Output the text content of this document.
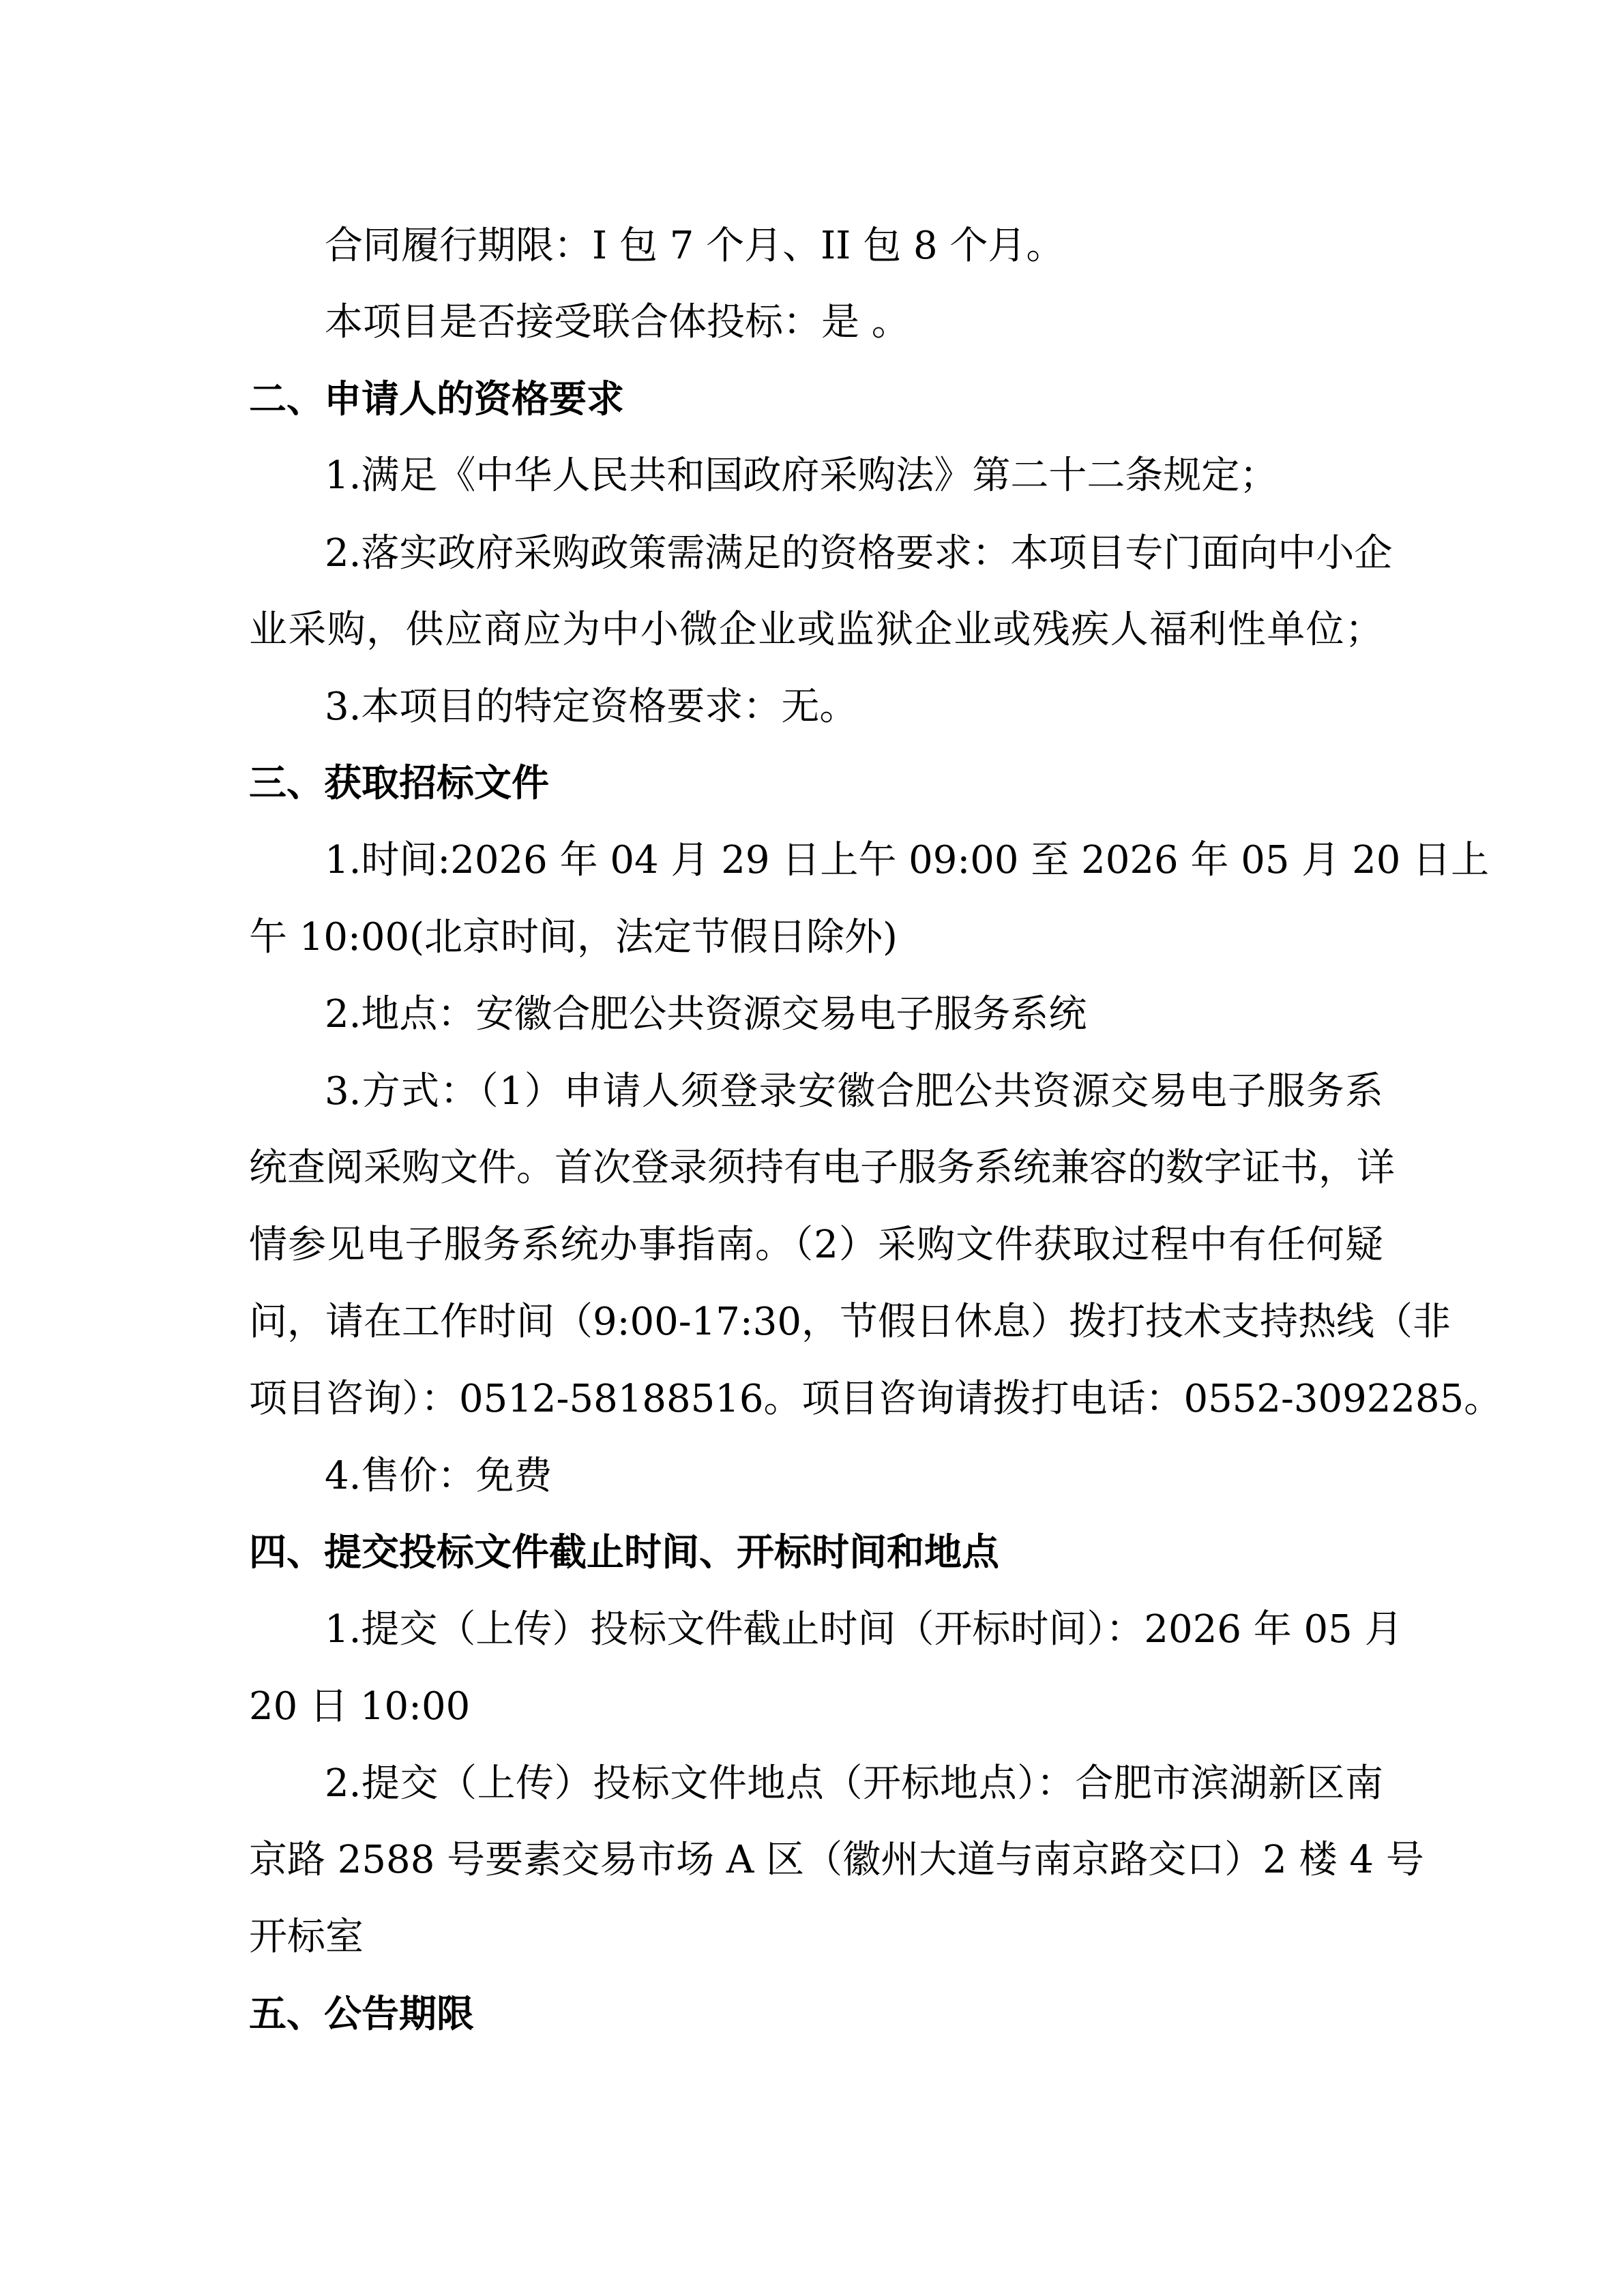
合同履行期限：I 包 7 个月、II 包 8 个月。
本项目是否接受联合体投标：是 。
二、申请人的资格要求
1.满足《中华人民共和国政府采购法》第二十二条规定；
2.落实政府采购政策需满足的资格要求：本项目专门面向中小企
业采购，供应商应为中小微企业或监狱企业或残疾人福利性单位；
3.本项目的特定资格要求：无。
三、获取招标文件
1.时间:2026 年 04 月 29 日上午 09:00 至 2026 年 05 月 20 日上
午 10:00(北京时间，法定节假日除外)
2.地点：安徽合肥公共资源交易电子服务系统
3.方式：（1）申请人须登录安徽合肥公共资源交易电子服务系
统查阅采购文件。首次登录须持有电子服务系统兼容的数字证书，详
情参见电子服务系统办事指南。（2）采购文件获取过程中有任何疑
问，请在工作时间（9:00-17:30，节假日休息）拨打技术支持热线（非
项目咨询）：0512-58188516。项目咨询请拨打电话：0552-3092285。
4.售价：免费
四、提交投标文件截止时间、开标时间和地点
1.提交（上传）投标文件截止时间（开标时间）：2026 年 05 月
20 日 10:00
2.提交（上传）投标文件地点（开标地点）：合肥市滨湖新区南
京路 2588 号要素交易市场 A 区（徽州大道与南京路交口）2 楼 4 号
开标室
五、公告期限
